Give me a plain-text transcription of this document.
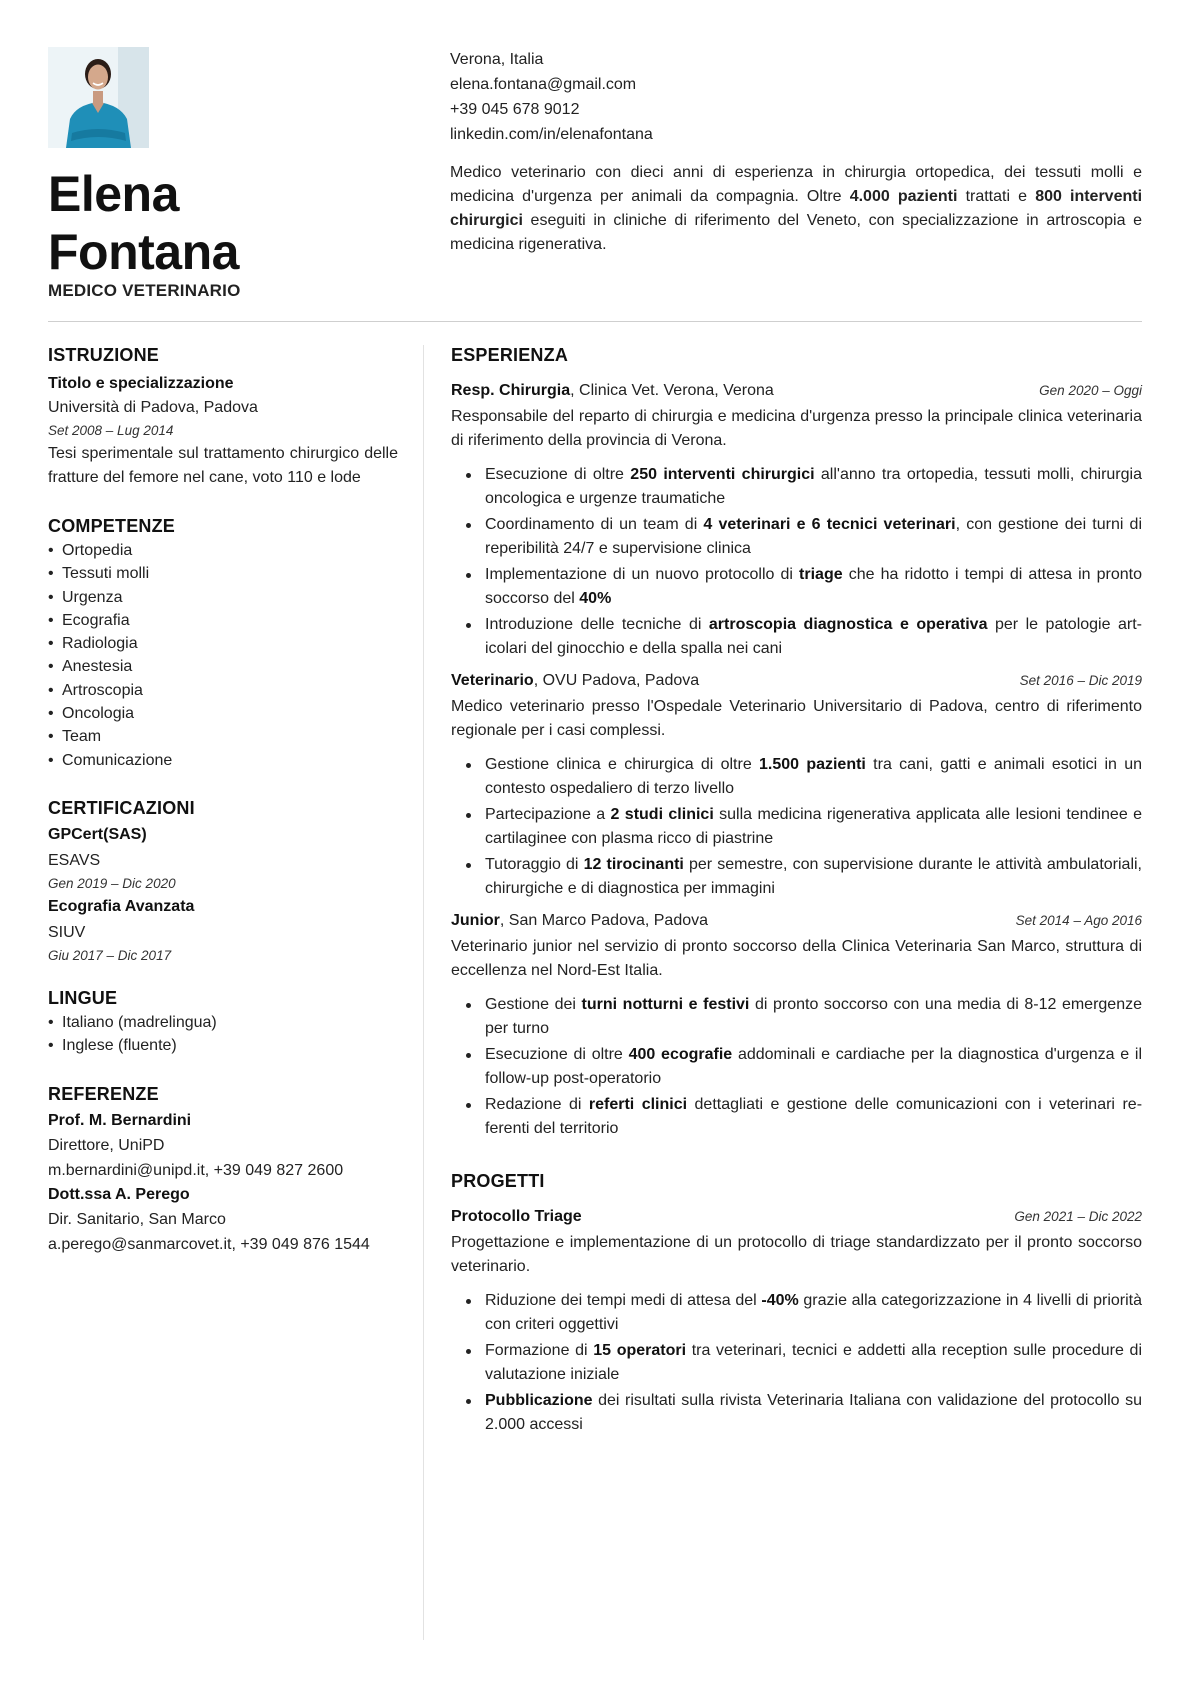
Elena
Fontana
MEDICO VETERINARIO
Verona, Italia
elena.fontana@gmail.com
+39 045 678 9012
linkedin.com/in/elenafontana
Medico veterinario con dieci anni di esperienza in chirurgia ortopedica, dei tessuti molli e medicina d'urgenza per animali da compagnia. Oltre 4.000 pazienti trattati e 800 interventi chirurgici eseguiti in cliniche di riferimento del Veneto, con specializzazione in artroscopia e medicina rigenerativa.
ISTRUZIONE
Titolo e specializzazione
Università di Padova, Padova
Set 2008 – Lug 2014
Tesi sperimentale sul trattamento chirurgico delle fratture del femore nel cane, voto 110 e lode
COMPETENZE
• Ortopedia
• Tessuti molli
• Urgenza
• Ecografia
• Radiologia
• Anestesia
• Artroscopia
• Oncologia
• Team
• Comunicazione
CERTIFICAZIONI
GPCert(SAS)
ESAVS
Gen 2019 – Dic 2020
Ecografia Avanzata
SIUV
Giu 2017 – Dic 2017
LINGUE
• Italiano (madrelingua)
• Inglese (fluente)
REFERENZE
Prof. M. Bernardini
Direttore, UniPD
m.bernardini@unipd.it, +39 049 827 2600
Dott.ssa A. Perego
Dir. Sanitario, San Marco
a.perego@sanmarcovet.it, +39 049 876 1544
ESPERIENZA
Resp. Chirurgia, Clinica Vet. Verona, Verona	Gen 2020 – Oggi
Responsabile del reparto di chirurgia e medicina d'urgenza presso la principale clinica veterinaria di riferimento della provincia di Verona.
Esecuzione di oltre 250 interventi chirurgici all'anno tra ortopedia, tessuti molli, chirurgia oncologica e urgenze traumatiche
Coordinamento di un team di 4 veterinari e 6 tecnici veterinari, con gestione dei turni di reperibilità 24/7 e supervisione clinica
Implementazione di un nuovo protocollo di triage che ha ridotto i tempi di attesa in pronto soccorso del 40%
Introduzione delle tecniche di artroscopia diagnostica e operativa per le patologie articolari del ginocchio e della spalla nei cani
Veterinario, OVU Padova, Padova	Set 2016 – Dic 2019
Medico veterinario presso l'Ospedale Veterinario Universitario di Padova, centro di riferimento regionale per i casi complessi.
Gestione clinica e chirurgica di oltre 1.500 pazienti tra cani, gatti e animali esotici in un contesto ospedaliero di terzo livello
Partecipazione a 2 studi clinici sulla medicina rigenerativa applicata alle lesioni tendinee e cartilaginee con plasma ricco di piastrine
Tutoraggio di 12 tirocinanti per semestre, con supervisione durante le attività ambulatoriali, chirurgiche e di diagnostica per immagini
Junior, San Marco Padova, Padova	Set 2014 – Ago 2016
Veterinario junior nel servizio di pronto soccorso della Clinica Veterinaria San Marco, struttura di eccellenza nel Nord-Est Italia.
Gestione dei turni notturni e festivi di pronto soccorso con una media di 8-12 emergenze per turno
Esecuzione di oltre 400 ecografie addominali e cardiache per la diagnostica d'urgenza e il follow-up post-operatorio
Redazione di referti clinici dettagliati e gestione delle comunicazioni con i veterinari referenti del territorio
PROGETTI
Protocollo Triage	Gen 2021 – Dic 2022
Progettazione e implementazione di un protocollo di triage standardizzato per il pronto soccorso veterinario.
Riduzione dei tempi medi di attesa del -40% grazie alla categorizzazione in 4 livelli di priorità con criteri oggettivi
Formazione di 15 operatori tra veterinari, tecnici e addetti alla reception sulle procedure di valutazione iniziale
Pubblicazione dei risultati sulla rivista Veterinaria Italiana con validazione del protocollo su 2.000 accessi
